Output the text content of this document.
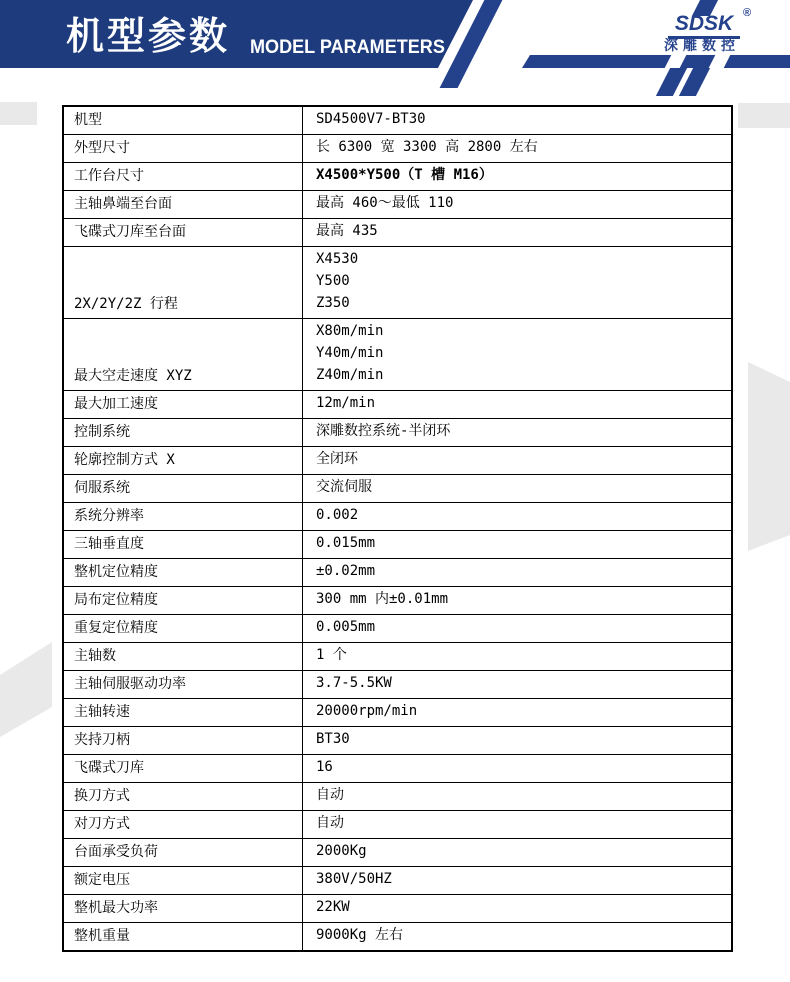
机型参数 MODEL PARAMETERS
SDSK ®
深雕数控
机型	SD4500V7-BT30

外型尺寸	长 6300 宽 3300 高 2800 左右

工作台尺寸	X4500*Y500（T 槽 M16）

主轴鼻端至台面	最高 460～最低 110

飞碟式刀库至台面	最高 435

2X/2Y/2Z 行程	X4530
Y500
Z350

最大空走速度 XYZ	X80m/min
Y40m/min
Z40m/min

最大加工速度	12m/min

控制系统	深雕数控系统-半闭环

轮廓控制方式 X	全闭环

伺服系统	交流伺服

系统分辨率	0.002

三轴垂直度	0.015mm

整机定位精度	±0.02mm

局布定位精度	300 mm 内±0.01mm

重复定位精度	0.005mm

主轴数	1 个

主轴伺服驱动功率	3.7-5.5KW

主轴转速	20000rpm/min

夹持刀柄	BT30

飞碟式刀库	16

换刀方式	自动

对刀方式	自动

台面承受负荷	2000Kg

额定电压	380V/50HZ

整机最大功率	22KW

整机重量	9000Kg 左右
